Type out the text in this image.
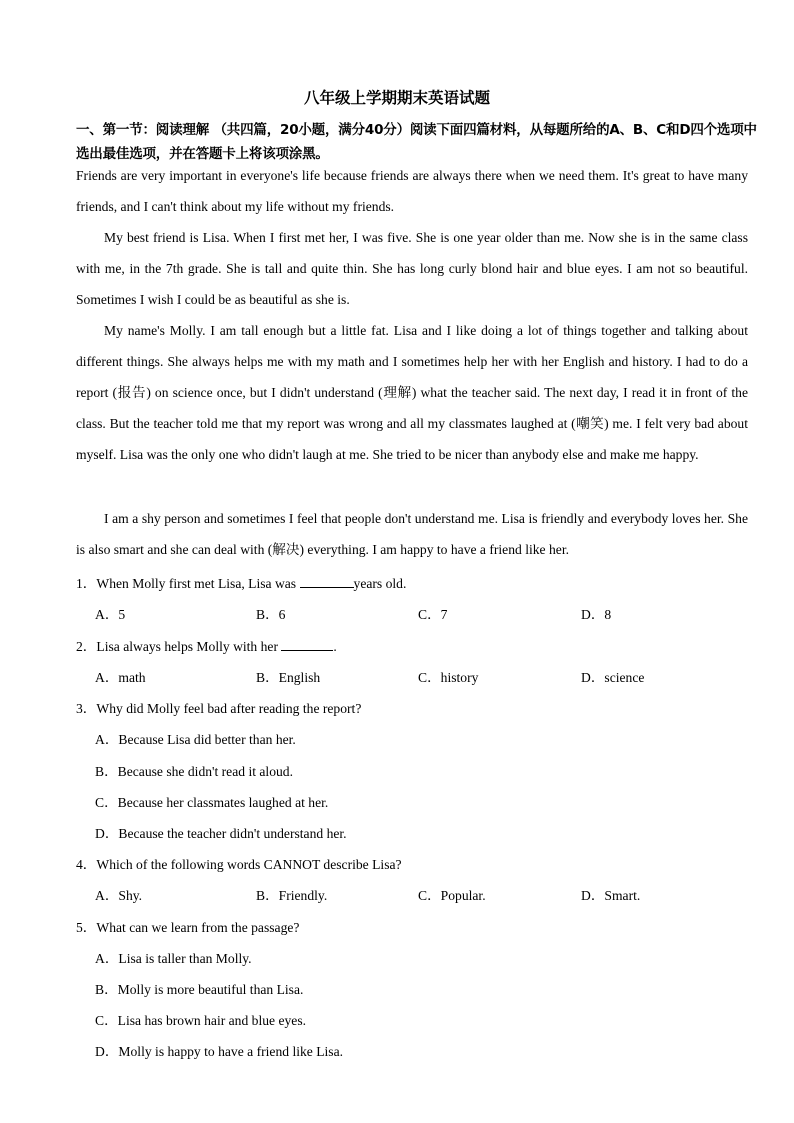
八年级上学期期末英语试题
一、第一节：阅读理解 （共四篇，20小题，满分40分）阅读下面四篇材料，从每题所给的A、B、C和D四个选项中选出最佳选项，并在答题卡上将该项涂黑。
Friends are very important in everyone's life because friends are always there when we need them. It's great to have many friends, and I can't think about my life without my friends.
My best friend is Lisa. When I first met her, I was five. She is one year older than me. Now she is in the same class with me, in the 7th grade. She is tall and quite thin. She has long curly blond hair and blue eyes. I am not so beautiful. Sometimes I wish I could be as beautiful as she is.
My name's Molly. I am tall enough but a little fat. Lisa and I like doing a lot of things together and talking about different things. She always helps me with my math and I sometimes help her with her English and history. I had to do a report (报告) on science once, but I didn't understand (理解) what the teacher said. The next day, I read it in front of the class. But the teacher told me that my report was wrong and all my classmates laughed at (嘲笑) me. I felt very bad about myself. Lisa was the only one who didn't laugh at me. She tried to be nicer than anybody else and make me happy.
I am a shy person and sometimes I feel that people don't understand me. Lisa is friendly and everybody loves her. She is also smart and she can deal with (解决) everything. I am happy to have a friend like her.
1．When Molly first met Lisa, Lisa was	years old.
A．5	B．6	C．7	D．8
2．Lisa always helps Molly with her	.
A．math	B．English	C．history	D．science
3．Why did Molly feel bad after reading the report?
A．Because Lisa did better than her.
B．Because she didn't read it aloud.
C．Because her classmates laughed at her.
D．Because the teacher didn't understand her.
4．Which of the following words CANNOT describe Lisa?
A．Shy.	B．Friendly.	C．Popular.	D．Smart.
5．What can we learn from the passage?
A．Lisa is taller than Molly.
B．Molly is more beautiful than Lisa.
C．Lisa has brown hair and blue eyes.
D．Molly is happy to have a friend like Lisa.
